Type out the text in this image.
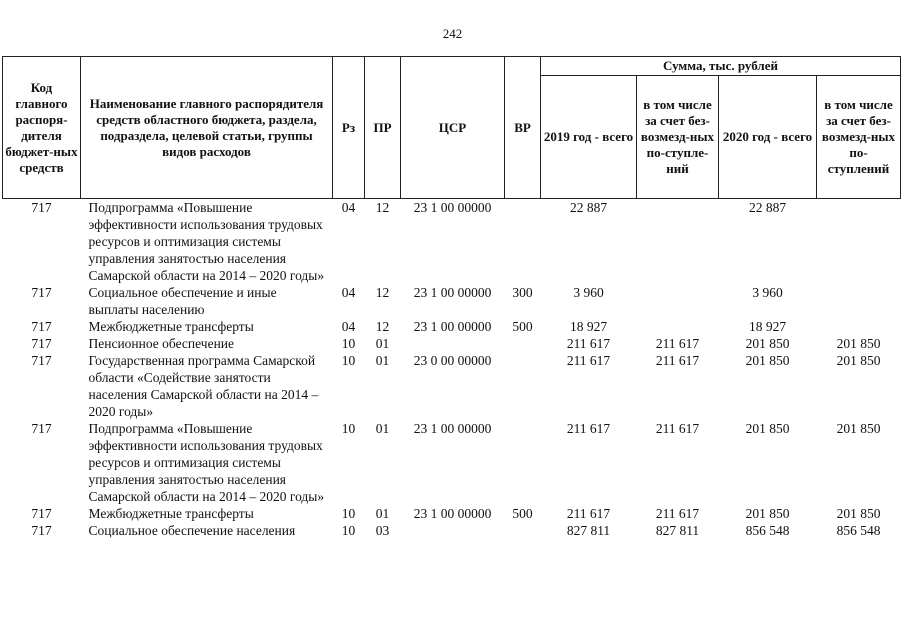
242
Код главного распоря-дителя бюджет-ных средств	Наименование главного распорядителя средств областного бюджета, раздела, подраздела, целевой статьи, группы видов расходов	Рз	ПР	ЦСР	ВР	Сумма, тыс. рублей			
						2019 год - всего	в том числе за счет без-возмезд-ных по-ступле-ний	2020 год - всего	в том числе за счет без-возмезд-ных по-ступлений
717	Подпрограмма «Повышение эффективности использования трудовых ресурсов и оптимизация системы управления занятостью населения Самарской области на 2014 – 2020 годы»	04	12	23 1 00 00000		22 887		22 887	
717	Социальное обеспечение и иные выплаты населению	04	12	23 1 00 00000	300	3 960		3 960	
717	Межбюджетные трансферты	04	12	23 1 00 00000	500	18 927		18 927	
717	Пенсионное обеспечение	10	01			211 617	211 617	201 850	201 850
717	Государственная программа Самарской области «Содействие занятости населения Самарской области на 2014 – 2020 годы»	10	01	23 0 00 00000		211 617	211 617	201 850	201 850
717	Подпрограмма «Повышение эффективности использования трудовых ресурсов и оптимизация системы управления занятостью населения Самарской области на 2014 – 2020 годы»	10	01	23 1 00 00000		211 617	211 617	201 850	201 850
717	Межбюджетные трансферты	10	01	23 1 00 00000	500	211 617	211 617	201 850	201 850
717	Социальное обеспечение населения	10	03			827 811	827 811	856 548	856 548
